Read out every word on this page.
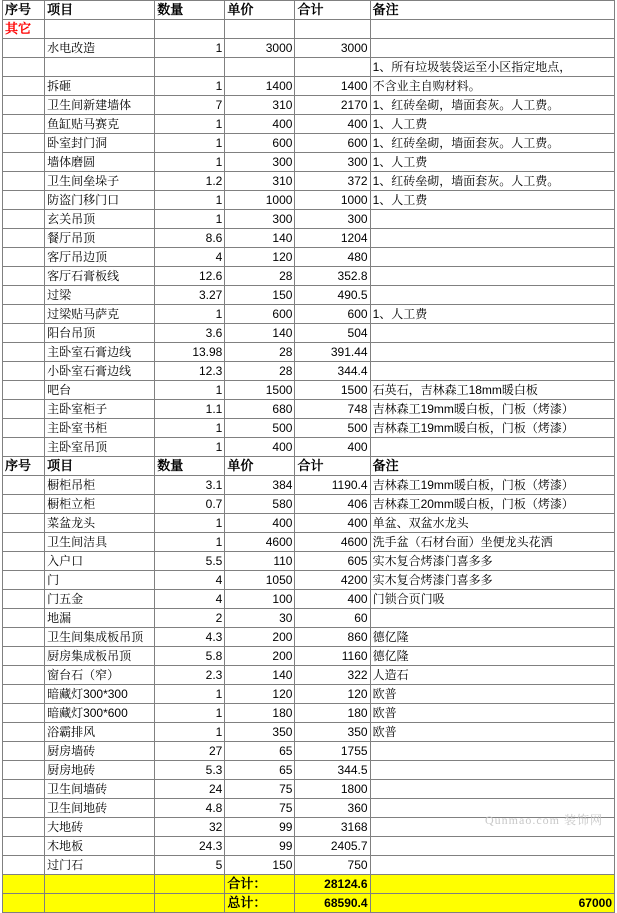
序号	项目	数量	单价	合计	备注
其它					
	水电改造	1	3000	3000	
					1、所有垃圾装袋运至小区指定地点，
	拆砸	1	1400	1400	不含业主自购材料。
	卫生间新建墙体	7	310	2170	1、红砖垒砌，墙面套灰。人工费。
	鱼缸贴马赛克	1	400	400	1、人工费
	卧室封门洞	1	600	600	1、红砖垒砌，墙面套灰。人工费。
	墙体磨圆	1	300	300	1、人工费
	卫生间垒垛子	1.2	310	372	1、红砖垒砌，墙面套灰。人工费。
	防盗门移门口	1	1000	1000	1、人工费
	玄关吊顶	1	300	300	
	餐厅吊顶	8.6	140	1204	
	客厅吊边顶	4	120	480	
	客厅石膏板线	12.6	28	352.8	
	过梁	3.27	150	490.5	
	过梁贴马萨克	1	600	600	1、人工费
	阳台吊顶	3.6	140	504	
	主卧室石膏边线	13.98	28	391.44	
	小卧室石膏边线	12.3	28	344.4	
	吧台	1	1500	1500	石英石，吉林森工18mm暖白板
	主卧室柜子	1.1	680	748	吉林森工19mm暖白板，门板（烤漆）
	主卧室书柜	1	500	500	吉林森工19mm暖白板，门板（烤漆）
	主卧室吊顶	1	400	400	
序号	项目	数量	单价	合计	备注
	橱柜吊柜	3.1	384	1190.4	吉林森工19mm暖白板，门板（烤漆）
	橱柜立柜	0.7	580	406	吉林森工20mm暖白板，门板（烤漆）
	菜盆龙头	1	400	400	单盆、双盆水龙头
	卫生间洁具	1	4600	4600	洗手盆（石材台面）坐便龙头花洒
	入户口	5.5	110	605	实木复合烤漆门喜多多
	门	4	1050	4200	实木复合烤漆门喜多多
	门五金	4	100	400	门锁合页门吸
	地漏	2	30	60	
	卫生间集成板吊顶	4.3	200	860	德亿隆
	厨房集成板吊顶	5.8	200	1160	德亿隆
	窗台石（窄）	2.3	140	322	人造石
	暗藏灯300*300	1	120	120	欧普
	暗藏灯300*600	1	180	180	欧普
	浴霸排风	1	350	350	欧普
	厨房墙砖	27	65	1755	
	厨房地砖	5.3	65	344.5	
	卫生间墙砖	24	75	1800	
	卫生间地砖	4.8	75	360	
	大地砖	32	99	3168	
	木地板	24.3	99	2405.7	
	过门石	5	150	750	
			合计：	28124.6	
			总计：	68590.4	67000
Qunmao.com 装饰网
